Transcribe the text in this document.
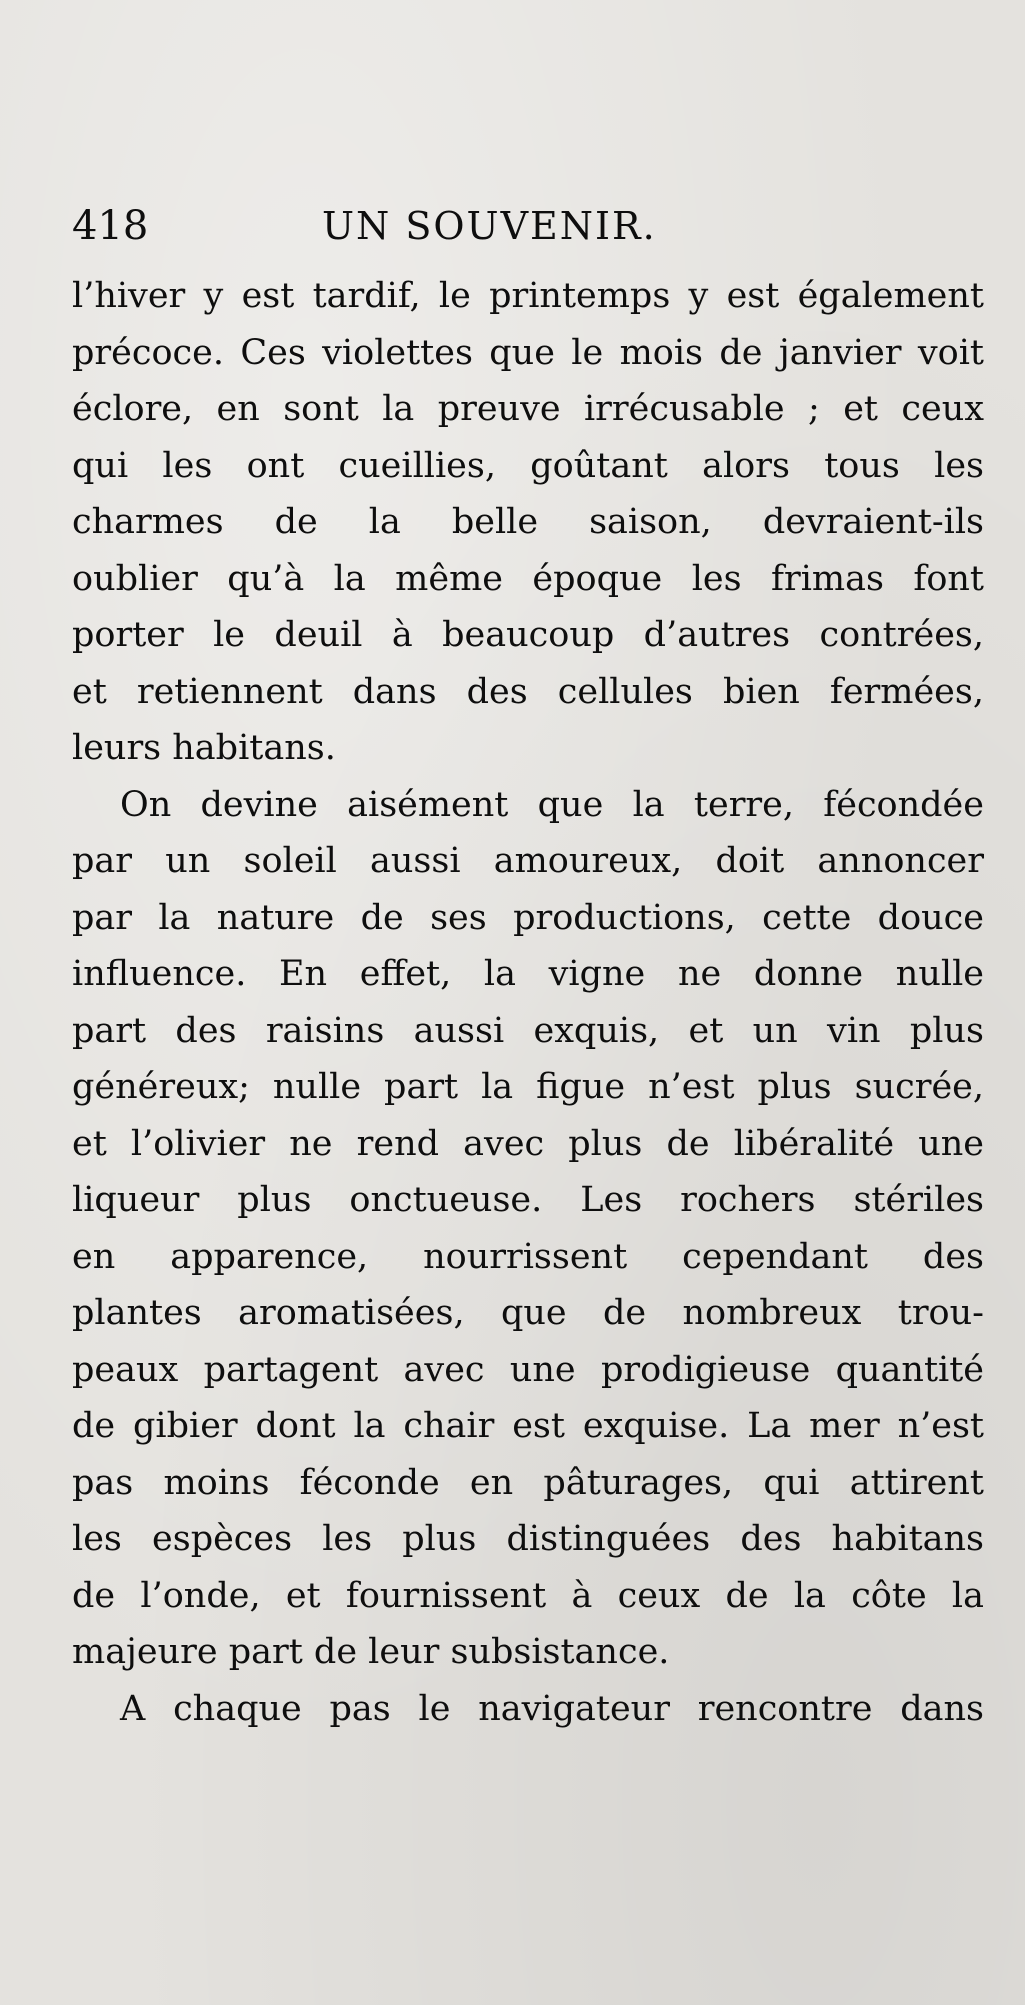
418	UN SOUVENIR.
l’hiver y est tardif, le printemps y est également
précoce. Ces violettes que le mois de janvier voit
éclore, en sont la preuve irrécusable ; et ceux
qui les ont cueillies, goûtant alors tous les
charmes de la belle saison, devraient-ils
oublier qu’à la même époque les frimas font
porter le deuil à beaucoup d’autres contrées,
et retiennent dans des cellules bien fermées,
leurs habitans.
On devine aisément que la terre, fécondée
par un soleil aussi amoureux, doit annoncer
par la nature de ses productions, cette douce
influence. En effet, la vigne ne donne nulle
part des raisins aussi exquis, et un vin plus
généreux; nulle part la figue n’est plus sucrée,
et l’olivier ne rend avec plus de libéralité une
liqueur plus onctueuse. Les rochers stériles
en apparence, nourrissent cependant des
plantes aromatisées, que de nombreux trou-
peaux partagent avec une prodigieuse quantité
de gibier dont la chair est exquise. La mer n’est
pas moins féconde en pâturages, qui attirent
les espèces les plus distinguées des habitans
de l’onde, et fournissent à ceux de la côte la
majeure part de leur subsistance.
A chaque pas le navigateur rencontre dans
